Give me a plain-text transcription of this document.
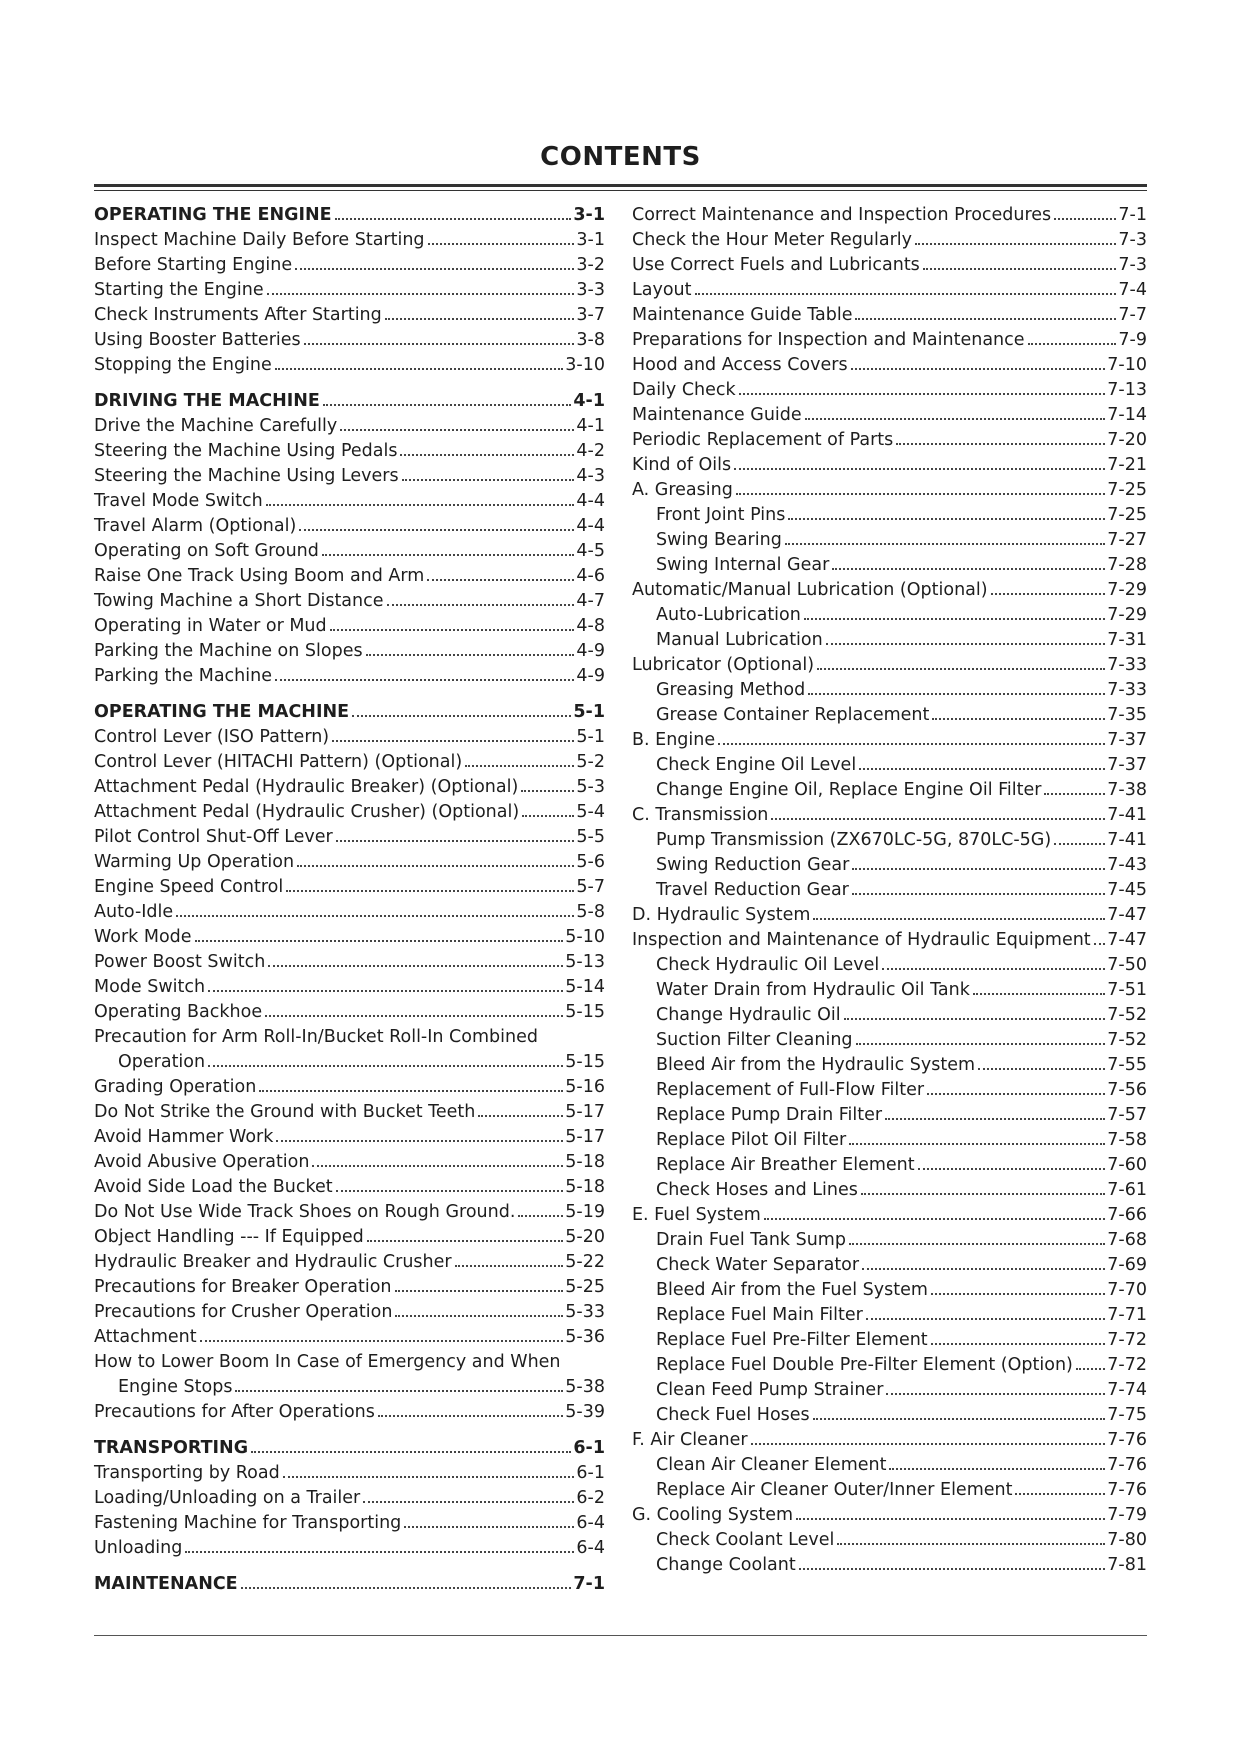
CONTENTS
OPERATING THE ENGINE	3-1
Inspect Machine Daily Before Starting	3-1
Before Starting Engine	3-2
Starting the Engine	3-3
Check Instruments After Starting	3-7
Using Booster Batteries	3-8
Stopping the Engine	3-10
DRIVING THE MACHINE	4-1
Drive the Machine Carefully	4-1
Steering the Machine Using Pedals	4-2
Steering the Machine Using Levers	4-3
Travel Mode Switch	4-4
Travel Alarm (Optional)	4-4
Operating on Soft Ground	4-5
Raise One Track Using Boom and Arm	4-6
Towing Machine a Short Distance	4-7
Operating in Water or Mud	4-8
Parking the Machine on Slopes	4-9
Parking the Machine	4-9
OPERATING THE MACHINE	5-1
Control Lever (ISO Pattern)	5-1
Control Lever (HITACHI Pattern) (Optional)	5-2
Attachment Pedal (Hydraulic Breaker) (Optional)	5-3
Attachment Pedal (Hydraulic Crusher) (Optional)	5-4
Pilot Control Shut-Off Lever	5-5
Warming Up Operation	5-6
Engine Speed Control	5-7
Auto-Idle	5-8
Work Mode	5-10
Power Boost Switch	5-13
Mode Switch	5-14
Operating Backhoe	5-15
Precaution for Arm Roll-In/Bucket Roll-In Combined
Operation	5-15
Grading Operation	5-16
Do Not Strike the Ground with Bucket Teeth	5-17
Avoid Hammer Work	5-17
Avoid Abusive Operation	5-18
Avoid Side Load the Bucket	5-18
Do Not Use Wide Track Shoes on Rough Ground.	5-19
Object Handling --- If Equipped	5-20
Hydraulic Breaker and Hydraulic Crusher	5-22
Precautions for Breaker Operation	5-25
Precautions for Crusher Operation	5-33
Attachment	5-36
How to Lower Boom In Case of Emergency and When
Engine Stops	5-38
Precautions for After Operations	5-39
TRANSPORTING	6-1
Transporting by Road	6-1
Loading/Unloading on a Trailer	6-2
Fastening Machine for Transporting	6-4
Unloading	6-4
MAINTENANCE	7-1
Correct Maintenance and Inspection Procedures	7-1
Check the Hour Meter Regularly	7-3
Use Correct Fuels and Lubricants	7-3
Layout	7-4
Maintenance Guide Table	7-7
Preparations for Inspection and Maintenance	7-9
Hood and Access Covers	7-10
Daily Check	7-13
Maintenance Guide	7-14
Periodic Replacement of Parts	7-20
Kind of Oils	7-21
A. Greasing	7-25
Front Joint Pins	7-25
Swing Bearing	7-27
Swing Internal Gear	7-28
Automatic/Manual Lubrication (Optional)	7-29
Auto-Lubrication	7-29
Manual Lubrication	7-31
Lubricator (Optional)	7-33
Greasing Method	7-33
Grease Container Replacement	7-35
B. Engine	7-37
Check Engine Oil Level	7-37
Change Engine Oil, Replace Engine Oil Filter	7-38
C. Transmission	7-41
Pump Transmission (ZX670LC-5G, 870LC-5G)	7-41
Swing Reduction Gear	7-43
Travel Reduction Gear	7-45
D. Hydraulic System	7-47
Inspection and Maintenance of Hydraulic Equipment 7-47
Check Hydraulic Oil Level	7-50
Water Drain from Hydraulic Oil Tank	7-51
Change Hydraulic Oil	7-52
Suction Filter Cleaning	7-52
Bleed Air from the Hydraulic System	7-55
Replacement of Full-Flow Filter	7-56
Replace Pump Drain Filter	7-57
Replace Pilot Oil Filter	7-58
Replace Air Breather Element	7-60
Check Hoses and Lines	7-61
E. Fuel System	7-66
Drain Fuel Tank Sump	7-68
Check Water Separator	7-69
Bleed Air from the Fuel System	7-70
Replace Fuel Main Filter	7-71
Replace Fuel Pre-Filter Element	7-72
Replace Fuel Double Pre-Filter Element (Option) 7-72
Clean Feed Pump Strainer	7-74
Check Fuel Hoses	7-75
F. Air Cleaner	7-76
Clean Air Cleaner Element	7-76
Replace Air Cleaner Outer/Inner Element	7-76
G. Cooling System	7-79
Check Coolant Level	7-80
Change Coolant	7-81
